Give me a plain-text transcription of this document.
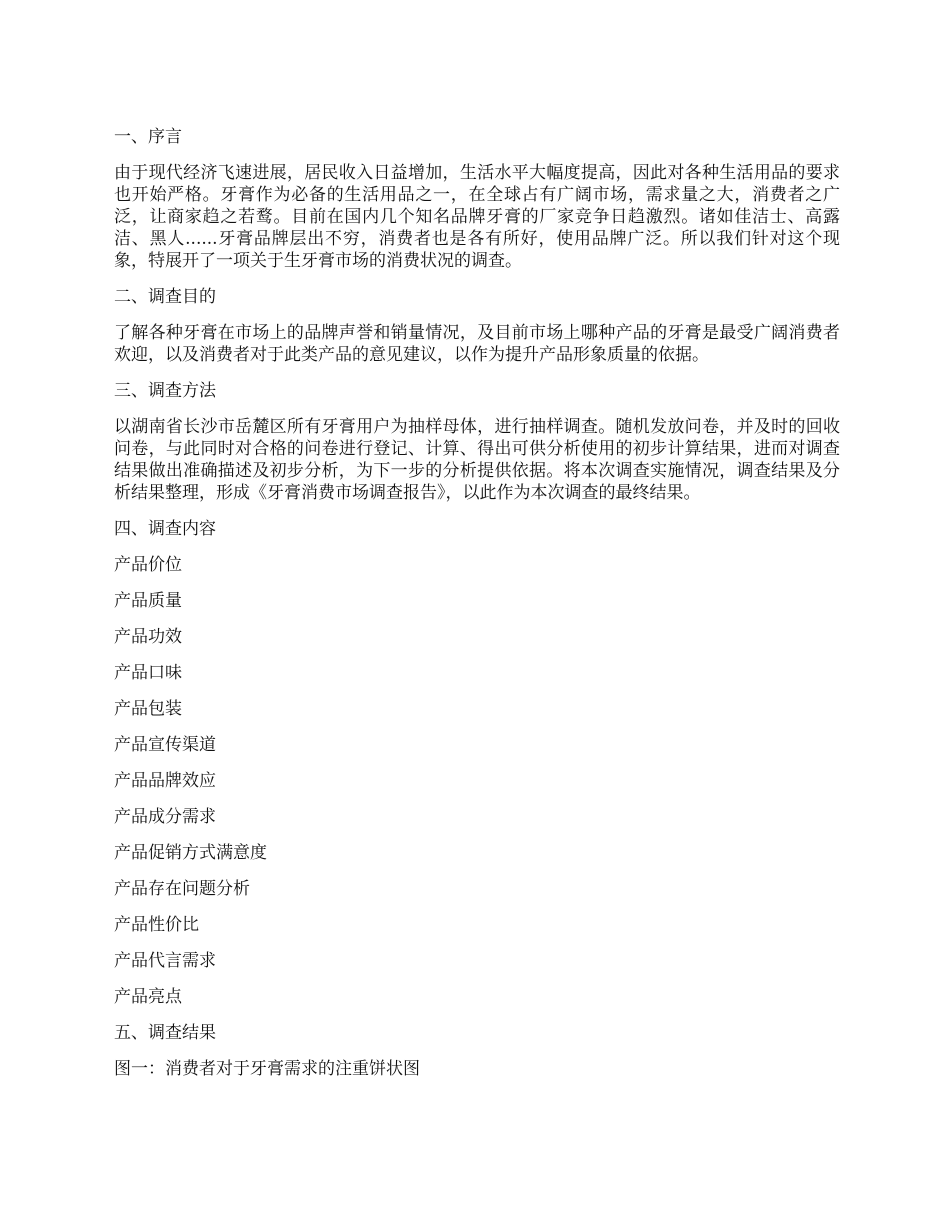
一、序言
由于现代经济飞速进展，居民收入日益增加，生活水平大幅度提高，因此对各种生活用品的要求也开始严格。牙膏作为必备的生活用品之一，在全球占有广阔市场，需求量之大，消费者之广泛，让商家趋之若鹜。目前在国内几个知名品牌牙膏的厂家竞争日趋激烈。诸如佳洁士、高露洁、黑人......牙膏品牌层出不穷，消费者也是各有所好，使用品牌广泛。所以我们针对这个现象，特展开了一项关于生牙膏市场的消费状况的调查。
二、调查目的
了解各种牙膏在市场上的品牌声誉和销量情况，及目前市场上哪种产品的牙膏是最受广阔消费者欢迎，以及消费者对于此类产品的意见建议，以作为提升产品形象质量的依据。
三、调查方法
以湖南省长沙市岳麓区所有牙膏用户为抽样母体，进行抽样调查。随机发放问卷，并及时的回收问卷，与此同时对合格的问卷进行登记、计算、得出可供分析使用的初步计算结果，进而对调查结果做出准确描述及初步分析，为下一步的分析提供依据。将本次调查实施情况，调查结果及分析结果整理，形成《牙膏消费市场调查报告》，以此作为本次调查的最终结果。
四、调查内容
产品价位
产品质量
产品功效
产品口味
产品包装
产品宣传渠道
产品品牌效应
产品成分需求
产品促销方式满意度
产品存在问题分析
产品性价比
产品代言需求
产品亮点
五、调查结果
图一：消费者对于牙膏需求的注重饼状图
